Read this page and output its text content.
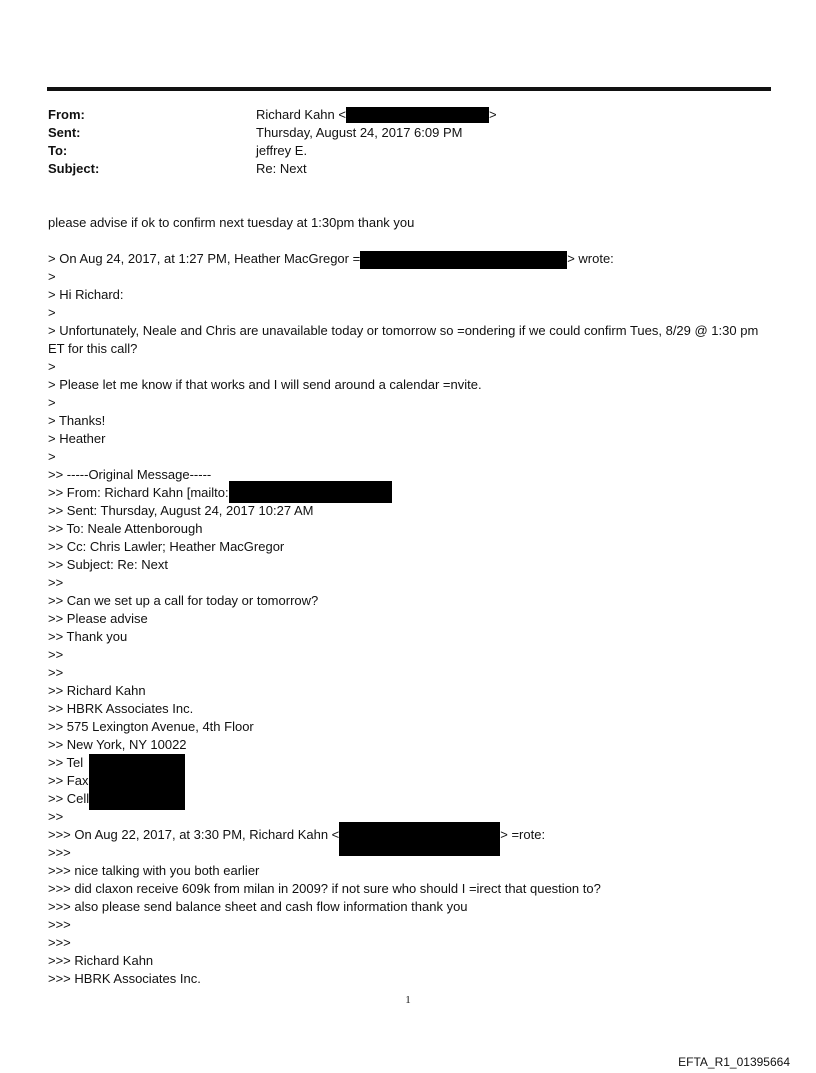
From:	Richard Kahn <	>
Sent:	Thursday, August 24, 2017 6:09 PM
To:	jeffrey E.
Subject:	Re: Next
please advise if ok to confirm next tuesday at 1:30pm thank you
> On Aug 24, 2017, at 1:27 PM, Heather MacGregor =	> wrote:
>
> Hi Richard:
>
> Unfortunately, Neale and Chris are unavailable today or tomorrow so =ondering if we could confirm Tues, 8/29 @ 1:30 pm ET for this call?
>
> Please let me know if that works and I will send around a calendar =nvite.
>
> Thanks!
> Heather
>
>> -----Original Message-----
>> From: Richard Kahn [mailto:
>> Sent: Thursday, August 24, 2017 10:27 AM
>> To: Neale Attenborough
>> Cc: Chris Lawler; Heather MacGregor
>> Subject: Re: Next
>>
>> Can we set up a call for today or tomorrow?
>> Please advise
>> Thank you
>>
>>
>> Richard Kahn
>> HBRK Associates Inc.
>> 575 Lexington Avenue, 4th Floor
>> New York, NY 10022
>> Tel
>> Fax
>> Cell
>>
>>> On Aug 22, 2017, at 3:30 PM, Richard Kahn <	> =rote:
>>>
>>> nice talking with you both earlier
>>> did claxon receive 609k from milan in 2009? if not sure who should I =irect that question to?
>>> also please send balance sheet and cash flow information thank you
>>>
>>>
>>> Richard Kahn
>>> HBRK Associates Inc.
1
EFTA_R1_01395664
